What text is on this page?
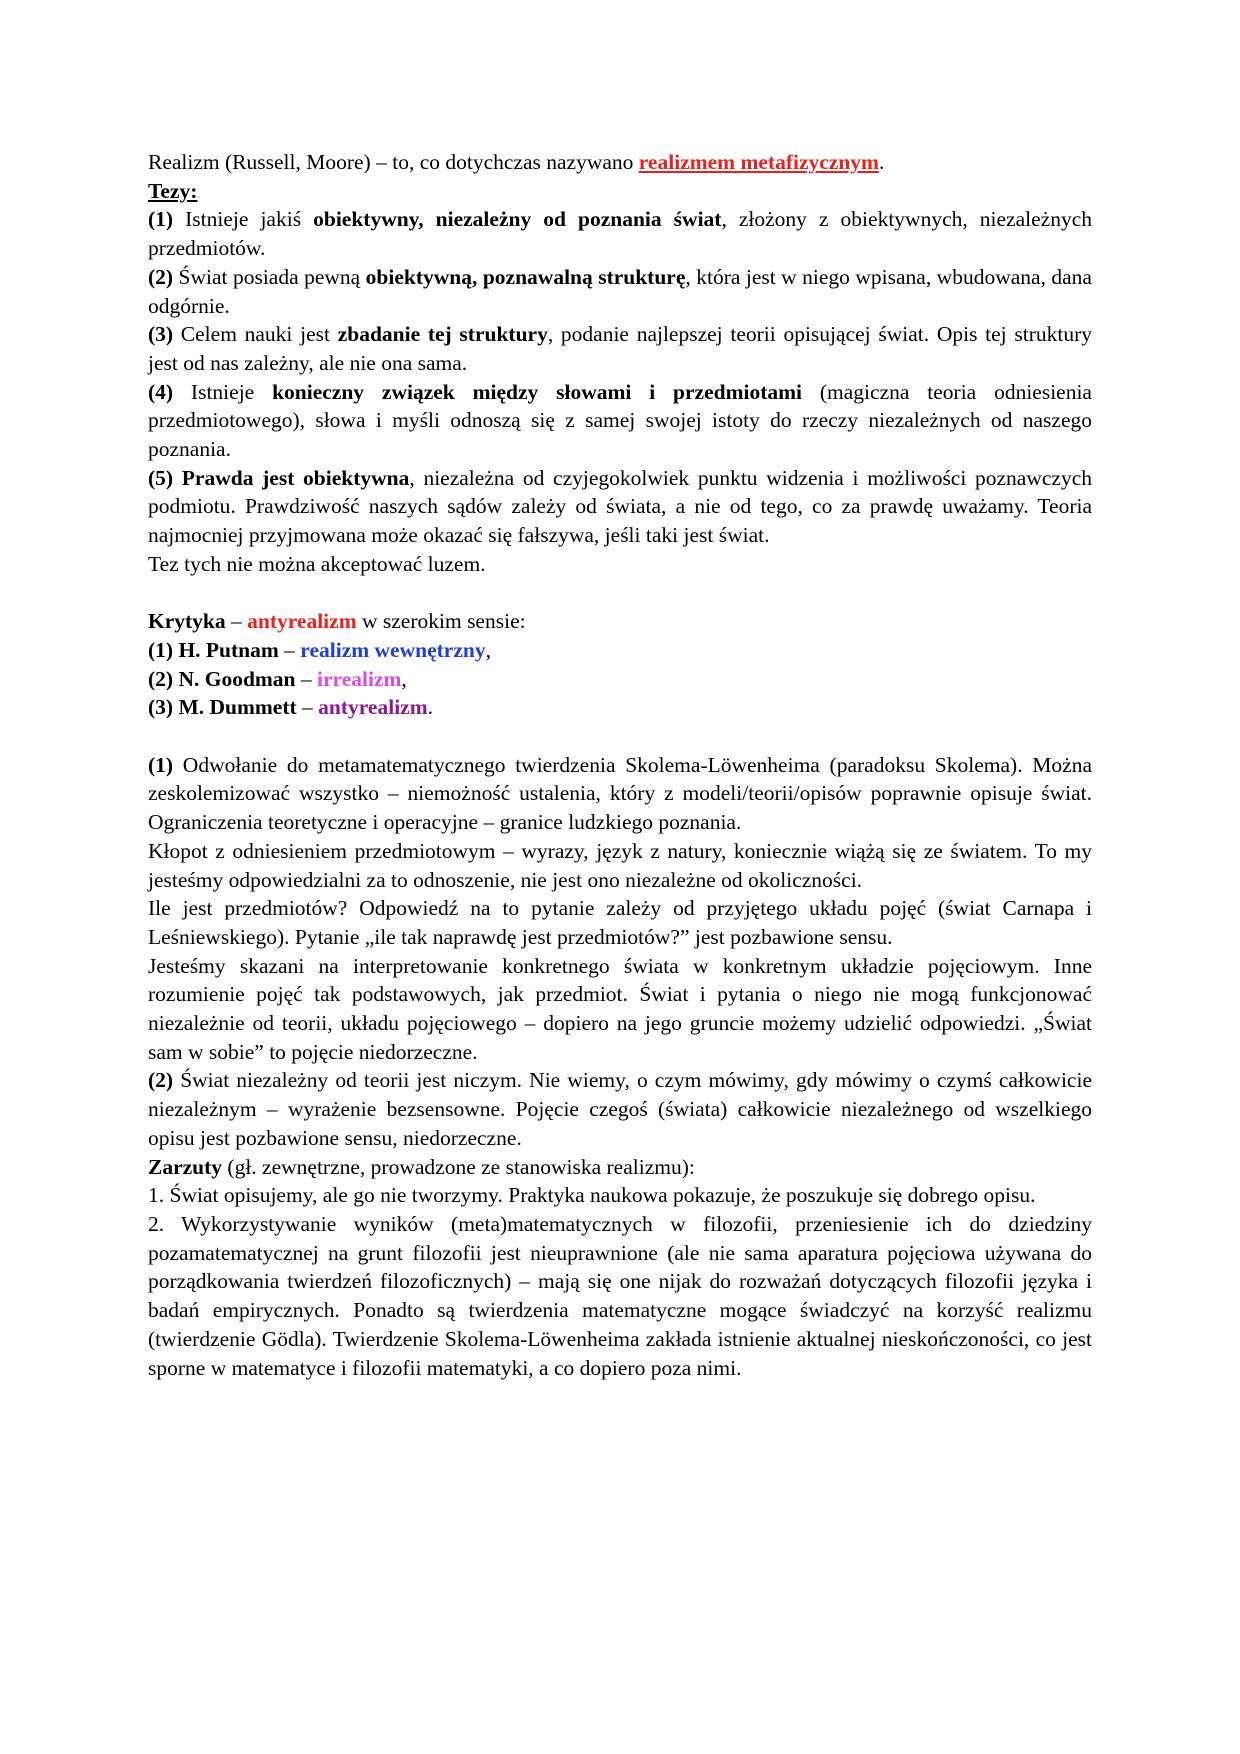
Realizm (Russell, Moore) – to, co dotychczas nazywano realizmem metafizycznym.

Tezy:

(1) Istnieje jakiś obiektywny, niezależny od poznania świat, złożony z obiektywnych, niezależnych przedmiotów.

(2) Świat posiada pewną obiektywną, poznawalną strukturę, która jest w niego wpisana, wbudowana, dana odgórnie.

(3) Celem nauki jest zbadanie tej struktury, podanie najlepszej teorii opisującej świat. Opis tej struktury jest od nas zależny, ale nie ona sama.

(4) Istnieje konieczny związek między słowami i przedmiotami (magiczna teoria odniesienia przedmiotowego), słowa i myśli odnoszą się z samej swojej istoty do rzeczy niezależnych od naszego poznania.

(5) Prawda jest obiektywna, niezależna od czyjegokolwiek punktu widzenia i możliwości poznawczych podmiotu. Prawdziwość naszych sądów zależy od świata, a nie od tego, co za prawdę uważamy. Teoria najmocniej przyjmowana może okazać się fałszywa, jeśli taki jest świat.

Tez tych nie można akceptować luzem.

Krytyka – antyrealizm w szerokim sensie:

(1) H. Putnam – realizm wewnętrzny,

(2) N. Goodman – irrealizm,

(3) M. Dummett – antyrealizm.

(1) Odwołanie do metamatematycznego twierdzenia Skolema-Löwenheima (paradoksu Skolema). Można zeskolemizować wszystko – niemożność ustalenia, który z modeli/teorii/opisów poprawnie opisuje świat. Ograniczenia teoretyczne i operacyjne – granice ludzkiego poznania.

Kłopot z odniesieniem przedmiotowym – wyrazy, język z natury, koniecznie wiążą się ze światem. To my jesteśmy odpowiedzialni za to odnoszenie, nie jest ono niezależne od okoliczności.

Ile jest przedmiotów? Odpowiedź na to pytanie zależy od przyjętego układu pojęć (świat Carnapa i Leśniewskiego). Pytanie „ile tak naprawdę jest przedmiotów?” jest pozbawione sensu.

Jesteśmy skazani na interpretowanie konkretnego świata w konkretnym układzie pojęciowym. Inne rozumienie pojęć tak podstawowych, jak przedmiot. Świat i pytania o niego nie mogą funkcjonować niezależnie od teorii, układu pojęciowego – dopiero na jego gruncie możemy udzielić odpowiedzi. „Świat sam w sobie” to pojęcie niedorzeczne.

(2) Świat niezależny od teorii jest niczym. Nie wiemy, o czym mówimy, gdy mówimy o czymś całkowicie niezależnym – wyrażenie bezsensowne. Pojęcie czegoś (świata) całkowicie niezależnego od wszelkiego opisu jest pozbawione sensu, niedorzeczne.

Zarzuty (gł. zewnętrzne, prowadzone ze stanowiska realizmu):

1. Świat opisujemy, ale go nie tworzymy. Praktyka naukowa pokazuje, że poszukuje się dobrego opisu.

2. Wykorzystywanie wyników (meta)matematycznych w filozofii, przeniesienie ich do dziedziny pozamatematycznej na grunt filozofii jest nieuprawnione (ale nie sama aparatura pojęciowa używana do porządkowania twierdzeń filozoficznych) – mają się one nijak do rozważań dotyczących filozofii języka i badań empirycznych. Ponadto są twierdzenia matematyczne mogące świadczyć na korzyść realizmu (twierdzenie Gödla). Twierdzenie Skolema-Löwenheima zakłada istnienie aktualnej nieskończoności, co jest sporne w matematyce i filozofii matematyki, a co dopiero poza nimi.
